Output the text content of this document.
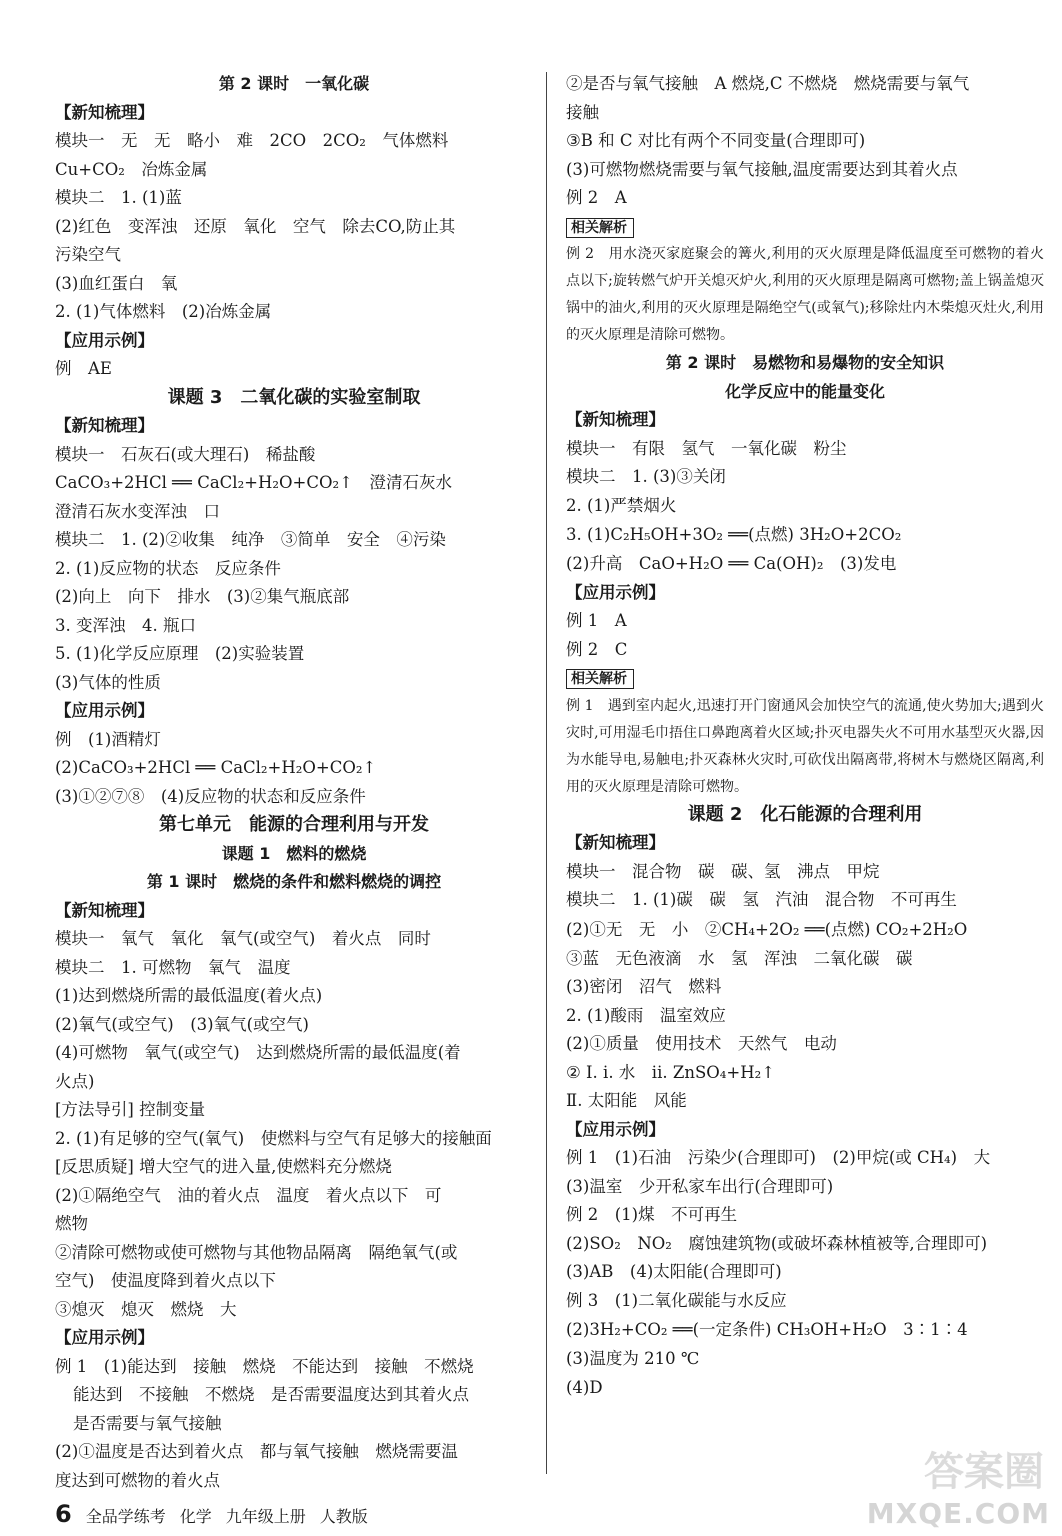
第 2 课时　一氧化碳
【新知梳理】
模块一　无　无　略小　难　2CO　2CO₂　气体燃料
Cu+CO₂　冶炼金属
模块二　1. (1)蓝
(2)红色　变浑浊　还原　氧化　空气　除去CO,防止其
污染空气
(3)血红蛋白　氧
2. (1)气体燃料　(2)冶炼金属
【应用示例】
例　AE
课题 3　二氧化碳的实验室制取
【新知梳理】
模块一　石灰石(或大理石)　稀盐酸
CaCO₃+2HCl ══ CaCl₂+H₂O+CO₂↑　澄清石灰水
澄清石灰水变浑浊　口
模块二　1. (2)②收集　纯净　③简单　安全　④污染
2. (1)反应物的状态　反应条件
(2)向上　向下　排水　(3)②集气瓶底部
3. 变浑浊　4. 瓶口
5. (1)化学反应原理　(2)实验装置
(3)气体的性质
【应用示例】
例　(1)酒精灯
(2)CaCO₃+2HCl ══ CaCl₂+H₂O+CO₂↑
(3)①②⑦⑧　(4)反应物的状态和反应条件
第七单元　能源的合理利用与开发
课题 1　燃料的燃烧
第 1 课时　燃烧的条件和燃料燃烧的调控
【新知梳理】
模块一　氧气　氧化　氧气(或空气)　着火点　同时
模块二　1. 可燃物　氧气　温度
(1)达到燃烧所需的最低温度(着火点)
(2)氧气(或空气)　(3)氧气(或空气)
(4)可燃物　氧气(或空气)　达到燃烧所需的最低温度(着
火点)
[方法导引] 控制变量
2. (1)有足够的空气(氧气)　使燃料与空气有足够大的接触面
[反思质疑] 增大空气的进入量,使燃料充分燃烧
(2)①隔绝空气　油的着火点　温度　着火点以下　可
燃物
②清除可燃物或使可燃物与其他物品隔离　隔绝氧气(或
空气)　使温度降到着火点以下
③熄灭　熄灭　燃烧　大
【应用示例】
例 1　(1)能达到　接触　燃烧　不能达到　接触　不燃烧
能达到　不接触　不燃烧　是否需要温度达到其着火点
是否需要与氧气接触
(2)①温度是否达到着火点　都与氧气接触　燃烧需要温
度达到可燃物的着火点
②是否与氧气接触　A 燃烧,C 不燃烧　燃烧需要与氧气
接触
③B 和 C 对比有两个不同变量(合理即可)
(3)可燃物燃烧需要与氧气接触,温度需要达到其着火点
例 2　A
相关解析
例 2　用水浇灭家庭聚会的篝火,利用的灭火原理是降低温度至可燃物的着火点以下;旋转燃气炉开关熄灭炉火,利用的灭火原理是隔离可燃物;盖上锅盖熄灭锅中的油火,利用的灭火原理是隔绝空气(或氧气);移除灶内木柴熄灭灶火,利用的灭火原理是清除可燃物。
第 2 课时　易燃物和易爆物的安全知识
化学反应中的能量变化
【新知梳理】
模块一　有限　氢气　一氧化碳　粉尘
模块二　1. (3)③关闭
2. (1)严禁烟火
3. (1)C₂H₅OH+3O₂ ══(点燃) 3H₂O+2CO₂
(2)升高　CaO+H₂O ══ Ca(OH)₂　(3)发电
【应用示例】
例 1　A
例 2　C
相关解析
例 1　遇到室内起火,迅速打开门窗通风会加快空气的流通,使火势加大;遇到火灾时,可用湿毛巾捂住口鼻跑离着火区域;扑灭电器失火不可用水基型灭火器,因为水能导电,易触电;扑灭森林火灾时,可砍伐出隔离带,将树木与燃烧区隔离,利用的灭火原理是清除可燃物。
课题 2　化石能源的合理利用
【新知梳理】
模块一　混合物　碳　碳、氢　沸点　甲烷
模块二　1. (1)碳　碳　氢　汽油　混合物　不可再生
(2)①无　无　小　②CH₄+2O₂ ══(点燃) CO₂+2H₂O
③蓝　无色液滴　水　氢　浑浊　二氧化碳　碳
(3)密闭　沼气　燃料
2. (1)酸雨　温室效应
(2)①质量　使用技术　天然气　电动
② Ⅰ. i. 水　ii. ZnSO₄+H₂↑
Ⅱ. 太阳能　风能
【应用示例】
例 1　(1)石油　污染少(合理即可)　(2)甲烷(或 CH₄)　大
(3)温室　少开私家车出行(合理即可)
例 2　(1)煤　不可再生
(2)SO₂　NO₂　腐蚀建筑物(或破坏森林植被等,合理即可)
(3)AB　(4)太阳能(合理即可)
例 3　(1)二氧化碳能与水反应
(2)3H₂+CO₂ ══(一定条件) CH₃OH+H₂O　3∶1∶4
(3)温度为 210 ℃
(4)D
6 全品学练考 化学 九年级上册 人教版
答案圈
MXQE.COM
